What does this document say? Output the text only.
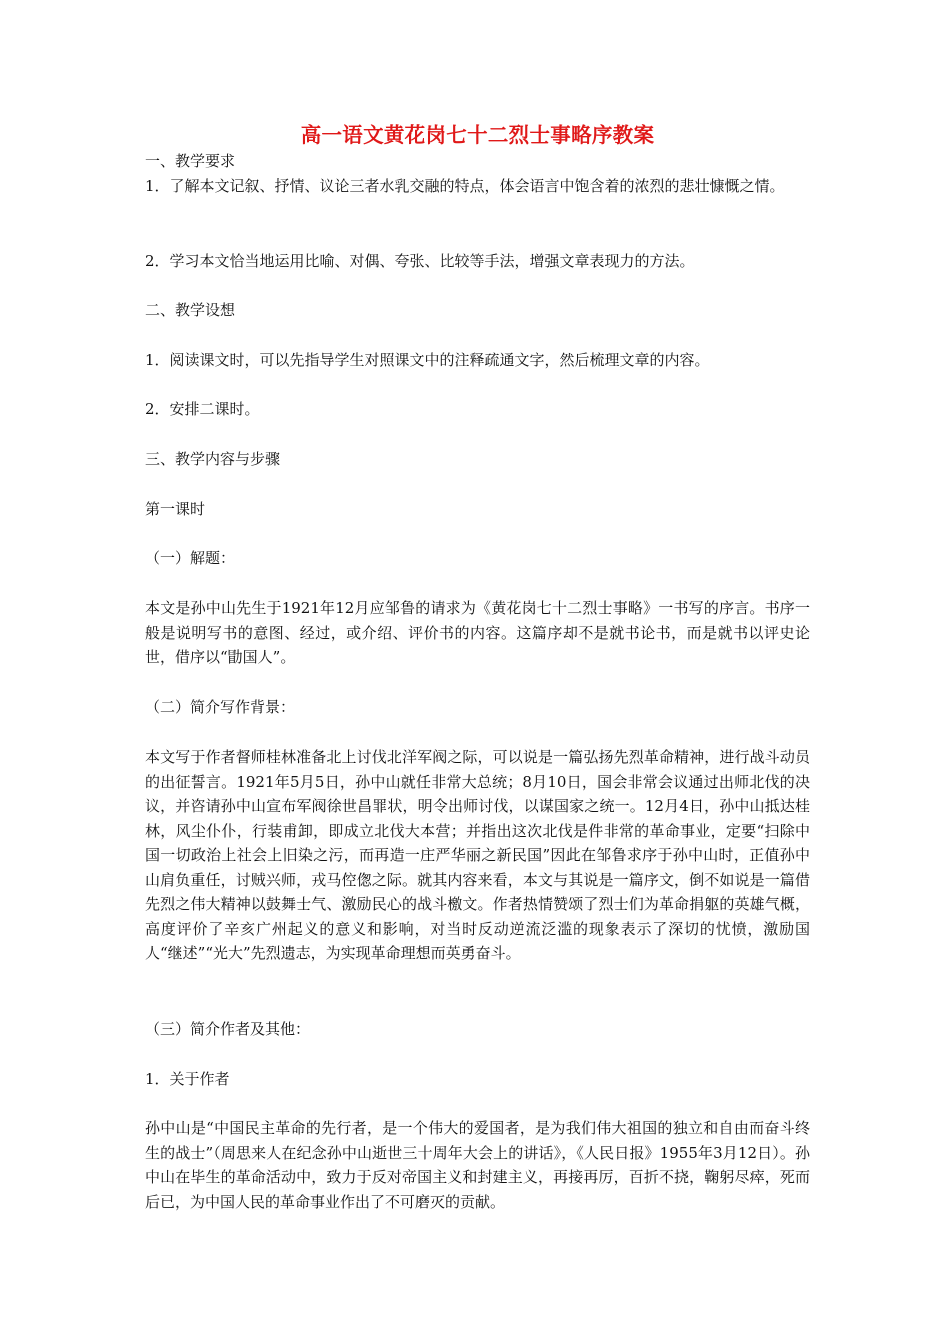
高一语文黄花岗七十二烈士事略序教案

一、教学要求

1．了解本文记叙、抒情、议论三者水乳交融的特点，体会语言中饱含着的浓烈的悲壮慷慨之情。

2．学习本文恰当地运用比喻、对偶、夸张、比较等手法，增强文章表现力的方法。

二、教学设想

1．阅读课文时，可以先指导学生对照课文中的注释疏通文字，然后梳理文章的内容。

2．安排二课时。

三、教学内容与步骤

第一课时

（一）解题：

本文是孙中山先生于1921年12月应邹鲁的请求为《黄花岗七十二烈士事略》一书写的序言。书序一般是说明写书的意图、经过，或介绍、评价书的内容。这篇序却不是就书论书，而是就书以评史论世，借序以“勖国人”。

（二）简介写作背景：

本文写于作者督师桂林准备北上讨伐北洋军阀之际，可以说是一篇弘扬先烈革命精神，进行战斗动员的出征誓言。1921年5月5日，孙中山就任非常大总统；8月10日，国会非常会议通过出师北伐的决议，并咨请孙中山宣布军阀徐世昌罪状，明令出师讨伐，以谋国家之统一。12月4日，孙中山抵达桂林，风尘仆仆，行装甫卸，即成立北伐大本营；并指出这次北伐是件非常的革命事业，定要“扫除中国一切政治上社会上旧染之污，而再造一庄严华丽之新民国”因此在邹鲁求序于孙中山时，正值孙中山肩负重任，讨贼兴师，戎马倥偬之际。就其内容来看，本文与其说是一篇序文，倒不如说是一篇借先烈之伟大精神以鼓舞士气、激励民心的战斗檄文。作者热情赞颂了烈士们为革命捐躯的英雄气概，高度评价了辛亥广州起义的意义和影响，对当时反动逆流泛滥的现象表示了深切的忧愤，激励国人“继述”“光大”先烈遗志，为实现革命理想而英勇奋斗。

（三）简介作者及其他：

1．关于作者

孙中山是“中国民主革命的先行者，是一个伟大的爱国者，是为我们伟大祖国的独立和自由而奋斗终生的战士”（周思来人在纪念孙中山逝世三十周年大会上的讲话》，《人民日报》1955年3月12日）。孙中山在毕生的革命活动中，致力于反对帝国主义和封建主义，再接再厉，百折不挠，鞠躬尽瘁，死而后已，为中国人民的革命事业作出了不可磨灭的贡献。
